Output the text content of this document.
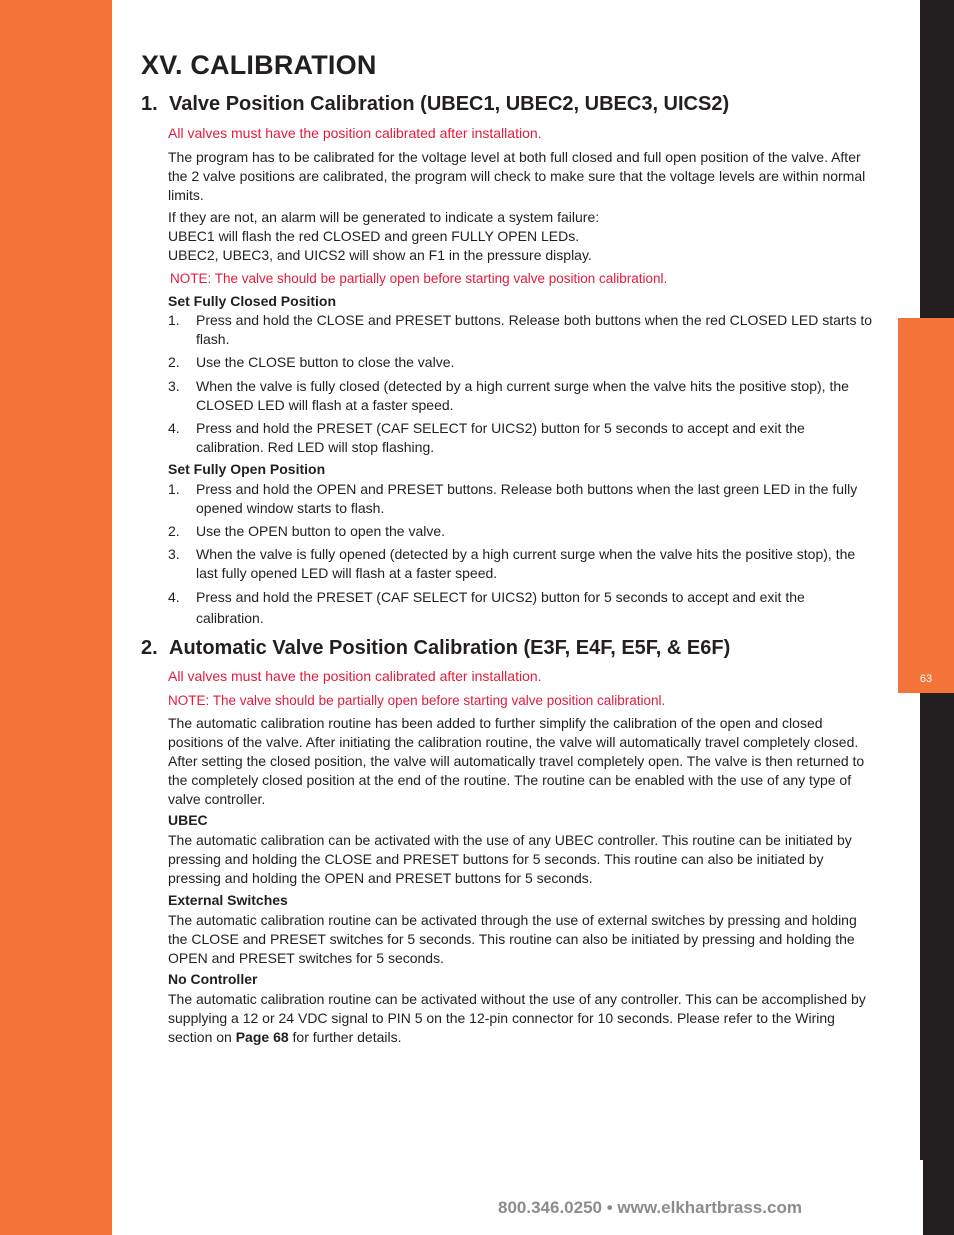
63
XV. CALIBRATION
1. Valve Position Calibration (UBEC1, UBEC2, UBEC3, UICS2)
All valves must have the position calibrated after installation.
The program has to be calibrated for the voltage level at both full closed and full open position of the valve. After the 2 valve positions are calibrated, the program will check to make sure that the voltage levels are within normal limits.
If they are not, an alarm will be generated to indicate a system failure:
UBEC1 will flash the red CLOSED and green FULLY OPEN LEDs.
UBEC2, UBEC3, and UICS2 will show an F1 in the pressure display.
NOTE: The valve should be partially open before starting valve position calibrationl.
Set Fully Closed Position
1. Press and hold the CLOSE and PRESET buttons. Release both buttons when the red CLOSED LED starts to flash.
2. Use the CLOSE button to close the valve.
3. When the valve is fully closed (detected by a high current surge when the valve hits the positive stop), the CLOSED LED will flash at a faster speed.
4. Press and hold the PRESET (CAF SELECT for UICS2) button for 5 seconds to accept and exit the calibration. Red LED will stop flashing.
Set Fully Open Position
1. Press and hold the OPEN and PRESET buttons. Release both buttons when the last green LED in the fully opened window starts to flash.
2. Use the OPEN button to open the valve.
3. When the valve is fully opened (detected by a high current surge when the valve hits the positive stop), the last fully opened LED will flash at a faster speed.
4. Press and hold the PRESET (CAF SELECT for UICS2) button for 5 seconds to accept and exit the calibration.
2. Automatic Valve Position Calibration (E3F, E4F, E5F, & E6F)
All valves must have the position calibrated after installation.
NOTE: The valve should be partially open before starting valve position calibrationl.
The automatic calibration routine has been added to further simplify the calibration of the open and closed positions of the valve. After initiating the calibration routine, the valve will automatically travel completely closed. After setting the closed position, the valve will automatically travel completely open. The valve is then returned to the completely closed position at the end of the routine. The routine can be enabled with the use of any type of valve controller.
UBEC
The automatic calibration can be activated with the use of any UBEC controller. This routine can be initiated by pressing and holding the CLOSE and PRESET buttons for 5 seconds. This routine can also be initiated by pressing and holding the OPEN and PRESET buttons for 5 seconds.
External Switches
The automatic calibration routine can be activated through the use of external switches by pressing and holding the CLOSE and PRESET switches for 5 seconds. This routine can also be initiated by pressing and holding the OPEN and PRESET switches for 5 seconds.
No Controller
The automatic calibration routine can be activated without the use of any controller. This can be accomplished by supplying a 12 or 24 VDC signal to PIN 5 on the 12-pin connector for 10 seconds. Please refer to the Wiring section on Page 68 for further details.
800.346.0250 • www.elkhartbrass.com
